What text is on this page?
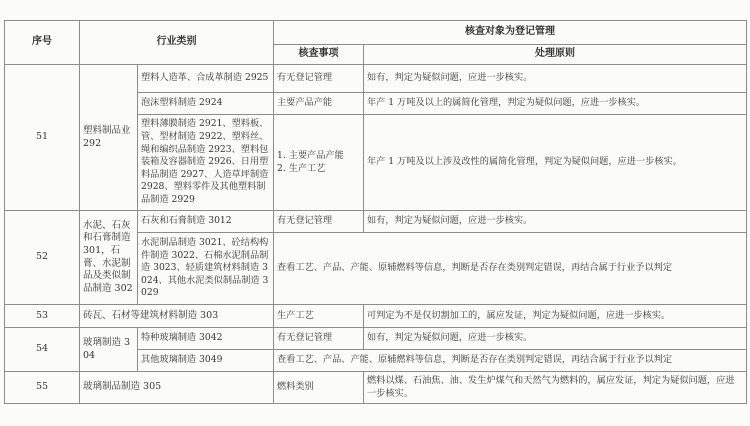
序号	行业类别		核查对象为登记管理	
			核查事项	处理原则
51	塑料制品业 292	塑料人造革、合成革制造 2925	有无登记管理	如有，判定为疑似问题，应进一步核实。
		泡沫塑料制造 2924	主要产品产能	年产 1 万吨及以上的属简化管理，判定为疑似问题，应进一步核实。
		塑料薄膜制造 2921、塑料板、管、型材制造 2922、塑料丝、绳和编织品制造 2923、塑料包装箱及容器制造 2926、日用塑料品制造 2927、人造草坪制造 2928、塑料零件及其他塑料制品制造 2929	1. 主要产品产能
2. 生产工艺	年产 1 万吨及以上涉及改性的属简化管理，判定为疑似问题，应进一步核实。
52	水泥、石灰和石膏制造 301，石膏、水泥制品及类似制品制造 302	石灰和石膏制造 3012	有无登记管理	如有，判定为疑似问题，应进一步核实。
		水泥制品制造 3021、砼结构构件制造 3022、石棉水泥制品制造 3023、轻质建筑材料制造 3024、其他水泥类似制品制造 3029	查看工艺、产品、产能、原辅燃料等信息，判断是否存在类别判定错误，再结合属于行业予以判定	
53	砖瓦、石材等建筑材料制造 303		生产工艺	可判定为不是仅切割加工的，属应发证，判定为疑似问题，应进一步核实。
54	玻璃制造 304	特种玻璃制造 3042	有无登记管理	如有，判定为疑似问题，应进一步核实。
		其他玻璃制造 3049	查看工艺、产品、产能、原辅燃料等信息，判断是否存在类别判定错误，再结合属于行业予以判定	
55	玻璃制品制造 305		燃料类别	燃料以煤、石油焦、油、发生炉煤气和天然气为燃料的，属应发证，判定为疑似问题，应进一步核实。
